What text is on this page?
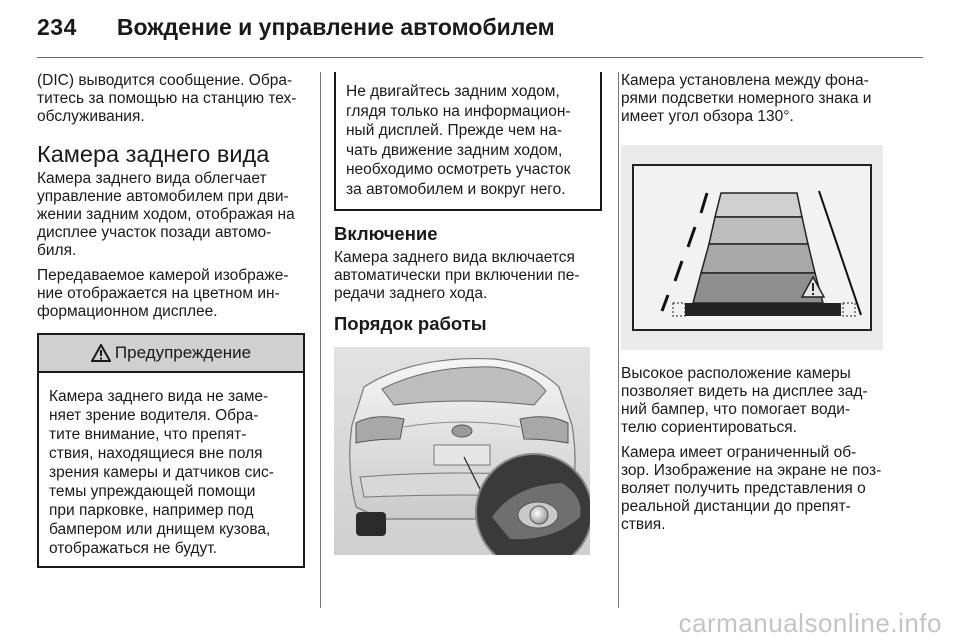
234 Вождение и управление автомобилем

(DIC) выводится сообщение. Обра-
титесь за помощью на станцию тех-
обслуживания.

Камера заднего вида

Камера заднего вида облегчает
управление автомобилем при дви-
жении задним ходом, отображая на
дисплее участок позади автомо-
биля.

Передаваемое камерой изображе-
ние отображается на цветном ин-
формационном дисплее.

Предупреждение
Камера заднего вида не заме-
няет зрение водителя. Обра-
тите внимание, что препят-
ствия, находящиеся вне поля
зрения камеры и датчиков сис-
темы упреждающей помощи
при парковке, например под
бампером или днищем кузова,
отображаться не будут.
Не двигайтесь задним ходом,
глядя только на информацион-
ный дисплей. Прежде чем на-
чать движение задним ходом,
необходимо осмотреть участок
за автомобилем и вокруг него.
Включение

Камера заднего вида включается
автоматически при включении пе-
редачи заднего хода.

Порядок работы

Камера установлена между фона-
рями подсветки номерного знака и
имеет угол обзора 130°.

Высокое расположение камеры
позволяет видеть на дисплее зад-
ний бампер, что помогает води-
телю сориентироваться.

Камера имеет ограниченный об-
зор. Изображение на экране не поз-
воляет получить представления о
реальной дистанции до препят-
ствия.

carmanualsonline.info
